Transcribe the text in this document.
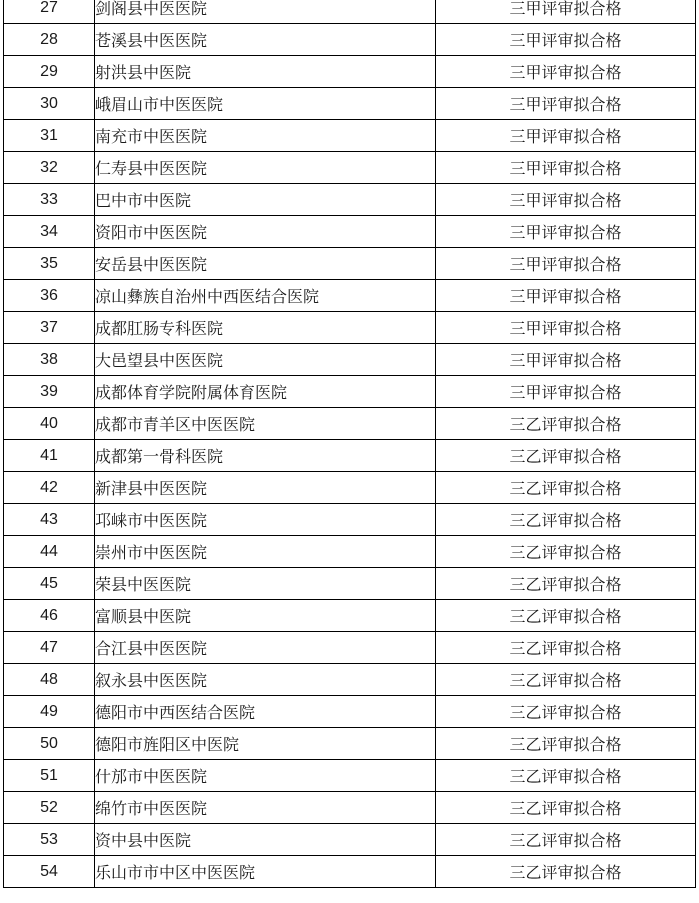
27	剑阁县中医医院	三甲评审拟合格
28	苍溪县中医医院	三甲评审拟合格
29	射洪县中医院	三甲评审拟合格
30	峨眉山市中医医院	三甲评审拟合格
31	南充市中医医院	三甲评审拟合格
32	仁寿县中医医院	三甲评审拟合格
33	巴中市中医院	三甲评审拟合格
34	资阳市中医医院	三甲评审拟合格
35	安岳县中医医院	三甲评审拟合格
36	凉山彝族自治州中西医结合医院	三甲评审拟合格
37	成都肛肠专科医院	三甲评审拟合格
38	大邑望县中医医院	三甲评审拟合格
39	成都体育学院附属体育医院	三甲评审拟合格
40	成都市青羊区中医医院	三乙评审拟合格
41	成都第一骨科医院	三乙评审拟合格
42	新津县中医医院	三乙评审拟合格
43	邛崃市中医医院	三乙评审拟合格
44	崇州市中医医院	三乙评审拟合格
45	荣县中医医院	三乙评审拟合格
46	富顺县中医院	三乙评审拟合格
47	合江县中医医院	三乙评审拟合格
48	叙永县中医医院	三乙评审拟合格
49	德阳市中西医结合医院	三乙评审拟合格
50	德阳市旌阳区中医院	三乙评审拟合格
51	什邡市中医医院	三乙评审拟合格
52	绵竹市中医医院	三乙评审拟合格
53	资中县中医院	三乙评审拟合格
54	乐山市市中区中医医院	三乙评审拟合格
